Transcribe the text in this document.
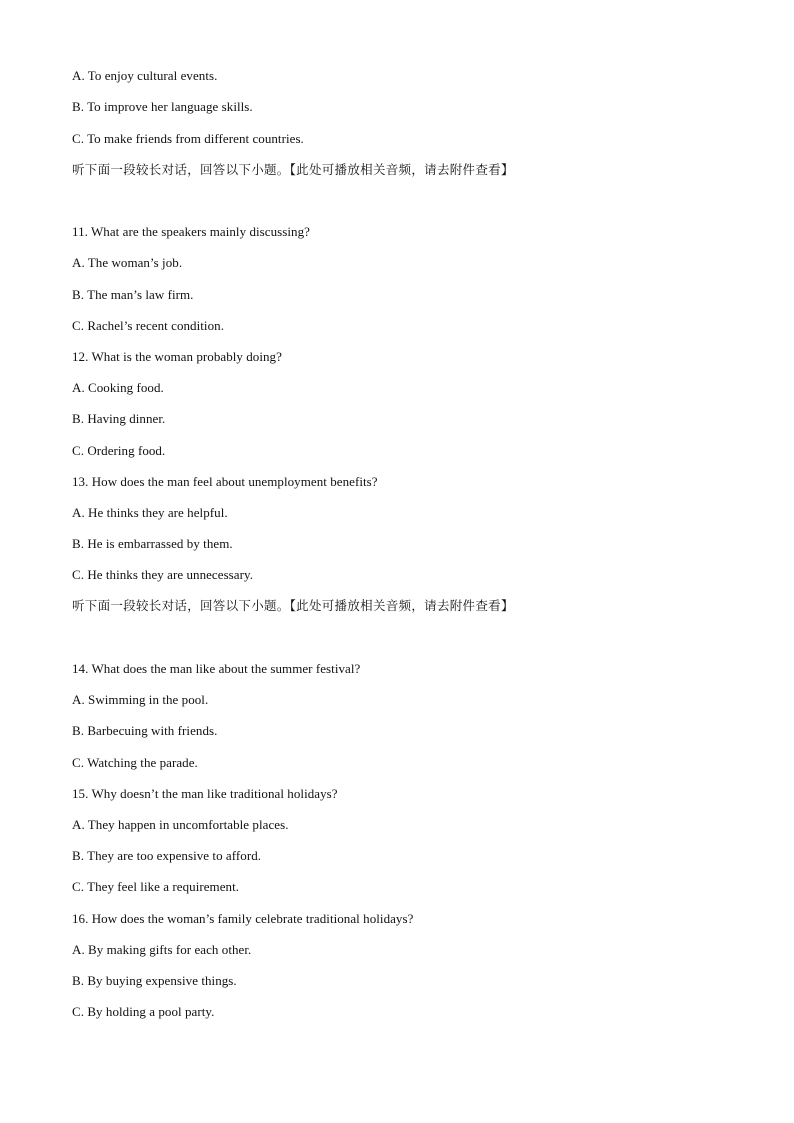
A. To enjoy cultural events.
B. To improve her language skills.
C. To make friends from different countries.
听下面一段较长对话，回答以下小题。【此处可播放相关音频，请去附件查看】
11. What are the speakers mainly discussing?
A. The woman’s job.
B. The man’s law firm.
C. Rachel’s recent condition.
12. What is the woman probably doing?
A. Cooking food.
B. Having dinner.
C. Ordering food.
13. How does the man feel about unemployment benefits?
A. He thinks they are helpful.
B. He is embarrassed by them.
C. He thinks they are unnecessary.
听下面一段较长对话，回答以下小题。【此处可播放相关音频，请去附件查看】
14. What does the man like about the summer festival?
A. Swimming in the pool.
B. Barbecuing with friends.
C. Watching the parade.
15. Why doesn’t the man like traditional holidays?
A. They happen in uncomfortable places.
B. They are too expensive to afford.
C. They feel like a requirement.
16. How does the woman’s family celebrate traditional holidays?
A. By making gifts for each other.
B. By buying expensive things.
C. By holding a pool party.
